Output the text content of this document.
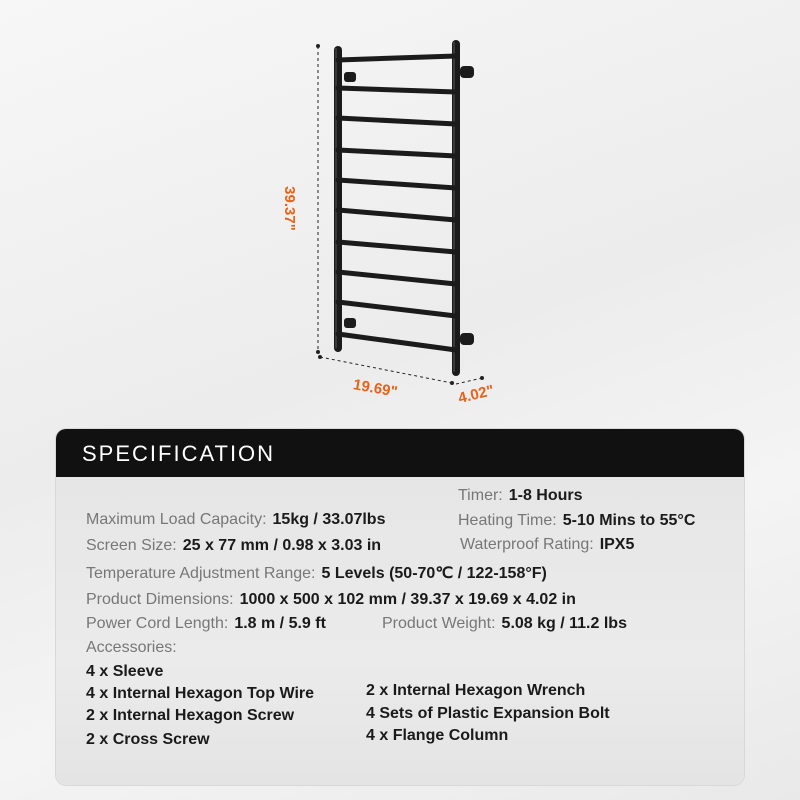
39.37"
19.69"	4.02"
SPECIFICATION
Timer: 1-8 Hours
Maximum Load Capacity: 15kg / 33.07lbs	Heating Time: 5-10 Mins to 55°C
Screen Size: 25 x 77 mm / 0.98 x 3.03 in	Waterproof Rating: IPX5
Temperature Adjustment Range: 5 Levels (50-70℃ / 122-158°F)
Product Dimensions: 1000 x 500 x 102 mm / 39.37 x 19.69 x 4.02 in
Power Cord Length: 1.8 m / 5.9 ft	Product Weight: 5.08 kg / 11.2 lbs
Accessories:
4 x Sleeve
4 x Internal Hexagon Top Wire
2 x Internal Hexagon Screw
2 x Cross Screw
2 x Internal Hexagon Wrench
4 Sets of Plastic Expansion Bolt
4 x Flange Column
